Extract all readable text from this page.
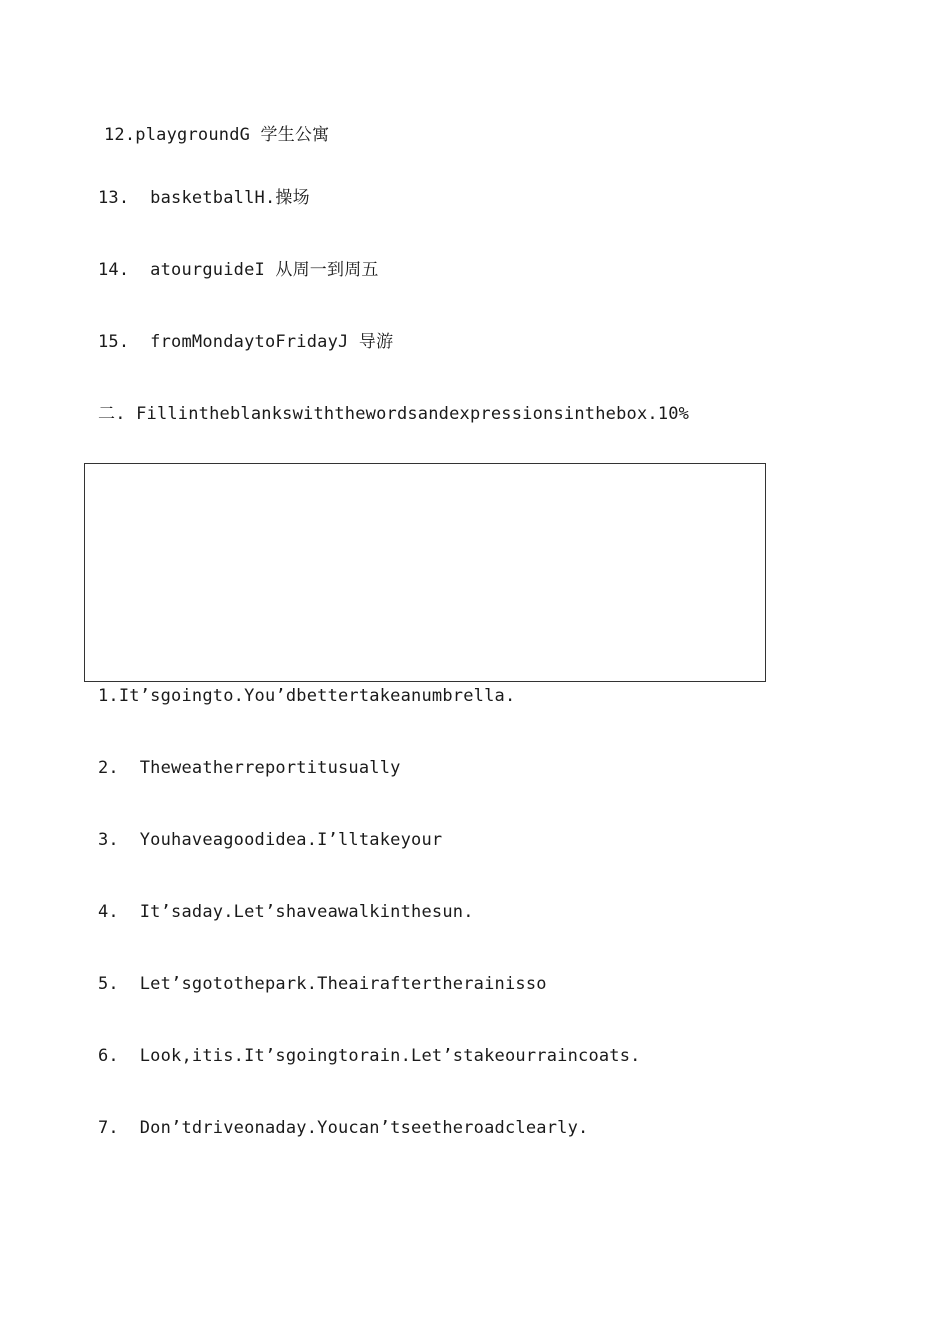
12.playgroundG 学生公寓
13.  basketballH.操场
14.  atourguideI 从周一到周五
15.  fromMondaytoFridayJ 导游
二. Fillintheblankswiththewordsandexpressionsinthebox.10%
1.It’sgoingto.You’dbettertakeanumbrella.
2.  Theweatherreportitusually
3.  Youhaveagoodidea.I’lltakeyour
4.  It’saday.Let’shaveawalkinthesun.
5.  Let’sgotothepark.Theairaftertherainisso
6.  Look,itis.It’sgoingtorain.Let’stakeourraincoats.
7.  Don’tdriveonaday.Youcan’tseetheroadclearly.
